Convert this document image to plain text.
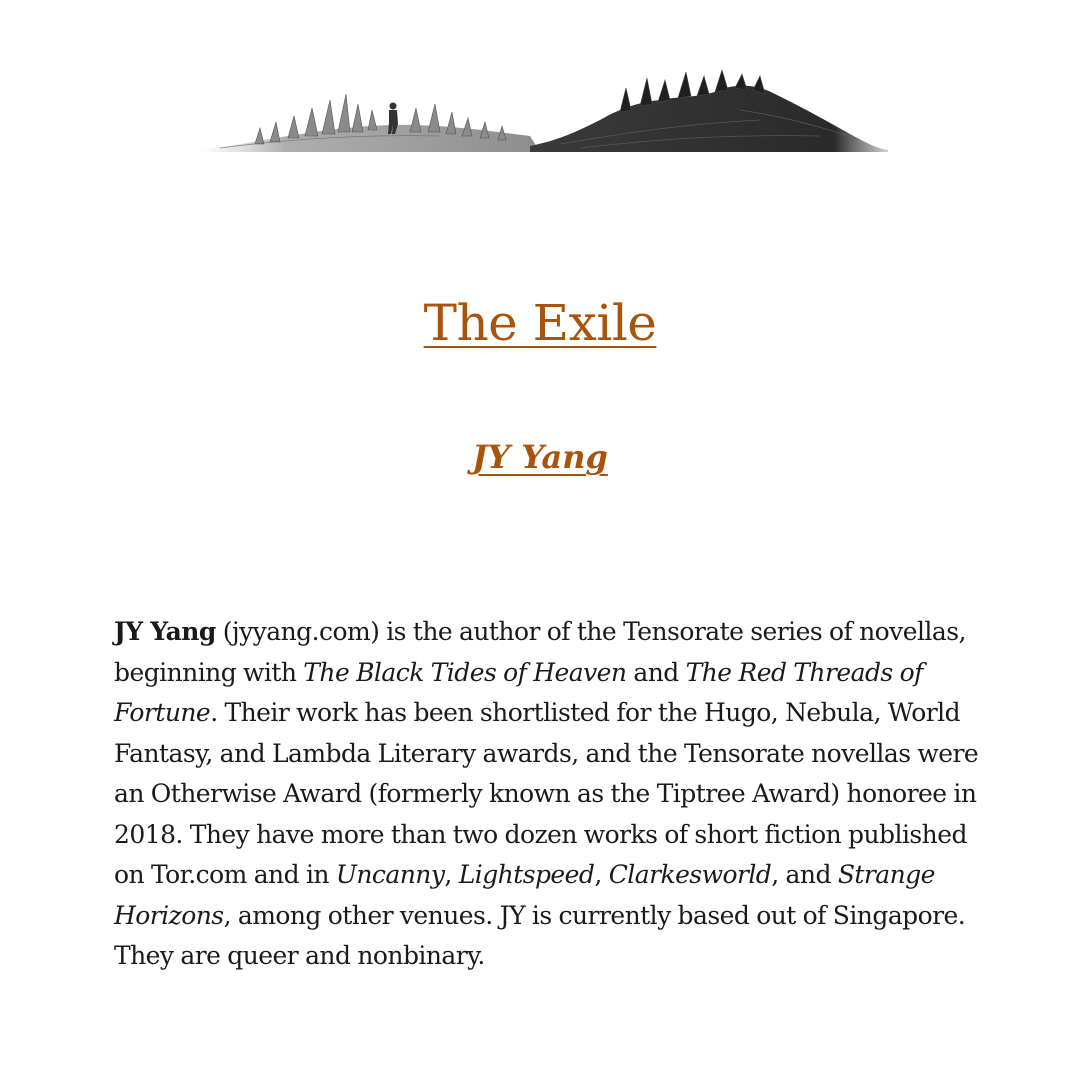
The Exile
JY Yang

JY Yang (jyyang.com) is the author of the Tensorate series of novellas, beginning with The Black Tides of Heaven and The Red Threads of Fortune. Their work has been shortlisted for the Hugo, Nebula, World Fantasy, and Lambda Literary awards, and the Tensorate novellas were an Otherwise Award (formerly known as the Tiptree Award) honoree in 2018. They have more than two dozen works of short fiction published on Tor.com and in Uncanny, Lightspeed, Clarkesworld, and Strange Horizons, among other venues. JY is currently based out of Singapore. They are queer and nonbinary.
